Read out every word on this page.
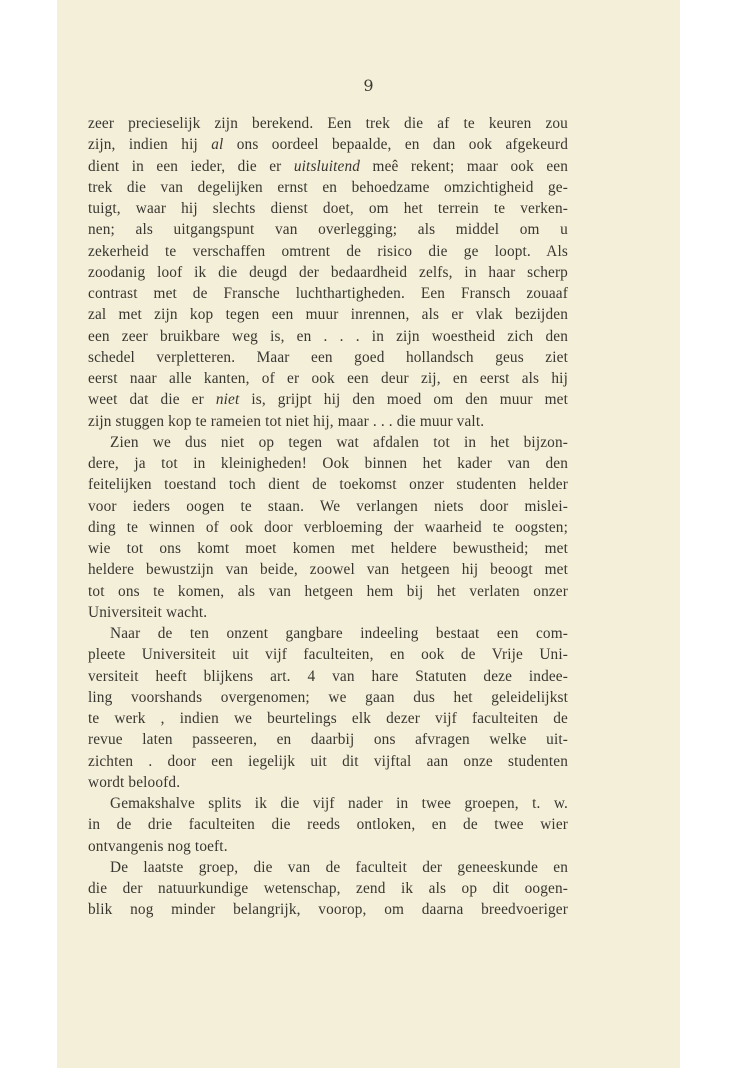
9
zeer precieselijk zijn berekend. Een trek die af te keuren zou
zijn, indien hij al ons oordeel bepaalde, en dan ook afgekeurd
dient in een ieder, die er uitsluitend meê rekent; maar ook een
trek die van degelijken ernst en behoedzame omzichtigheid ge-
tuigt, waar hij slechts dienst doet, om het terrein te verken-
nen; als uitgangspunt van overlegging; als middel om u
zekerheid te verschaffen omtrent de risico die ge loopt. Als
zoodanig loof ik die deugd der bedaardheid zelfs, in haar scherp
contrast met de Fransche luchthartigheden. Een Fransch zouaaf
zal met zijn kop tegen een muur inrennen, als er vlak bezijden
een zeer bruikbare weg is, en . . . in zijn woestheid zich den
schedel verpletteren. Maar een goed hollandsch geus ziet
eerst naar alle kanten, of er ook een deur zij, en eerst als hij
weet dat die er niet is, grijpt hij den moed om den muur met
zijn stuggen kop te rameien tot niet hij, maar . . . die muur valt.
Zien we dus niet op tegen wat afdalen tot in het bijzon-
dere, ja tot in kleinigheden! Ook binnen het kader van den
feitelijken toestand toch dient de toekomst onzer studenten helder
voor ieders oogen te staan. We verlangen niets door mislei-
ding te winnen of ook door verbloeming der waarheid te oogsten;
wie tot ons komt moet komen met heldere bewustheid; met
heldere bewustzijn van beide, zoowel van hetgeen hij beoogt met
tot ons te komen, als van hetgeen hem bij het verlaten onzer
Universiteit wacht.
Naar de ten onzent gangbare indeeling bestaat een com-
pleete Universiteit uit vijf faculteiten, en ook de Vrije Uni-
versiteit heeft blijkens art. 4 van hare Statuten deze indee-
ling voorshands overgenomen; we gaan dus het geleidelijkst
te werk , indien we beurtelings elk dezer vijf faculteiten de
revue laten passeeren, en daarbij ons afvragen welke uit-
zichten . door een iegelijk uit dit vijftal aan onze studenten
wordt beloofd.
Gemakshalve splits ik die vijf nader in twee groepen, t. w.
in de drie faculteiten die reeds ontloken, en de twee wier
ontvangenis nog toeft.
De laatste groep, die van de faculteit der geneeskunde en
die der natuurkundige wetenschap, zend ik als op dit oogen-
blik nog minder belangrijk, voorop, om daarna breedvoeriger
